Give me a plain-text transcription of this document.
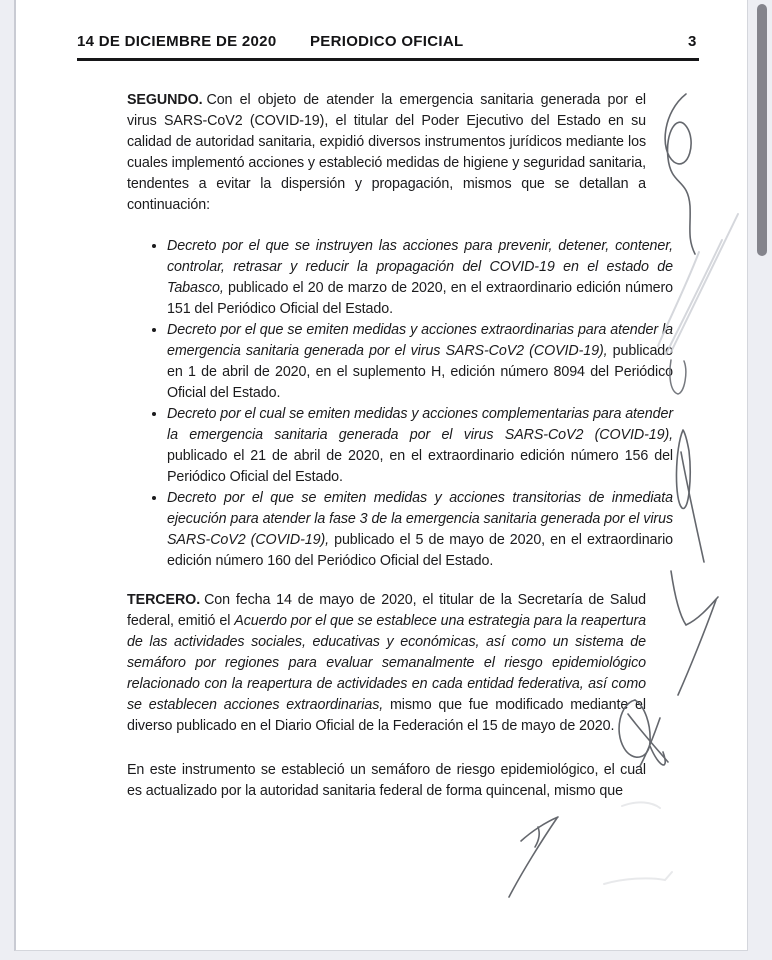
14 DE DICIEMBRE DE 2020 PERIODICO OFICIAL	3

SEGUNDO. Con el objeto de atender la emergencia sanitaria generada por el virus SARS-CoV2 (COVID-19), el titular del Poder Ejecutivo del Estado en su calidad de autoridad sanitaria, expidió diversos instrumentos jurídicos mediante los cuales implementó acciones y estableció medidas de higiene y seguridad sanitaria, tendentes a evitar la dispersión y propagación, mismos que se detallan a continuación:

• Decreto por el que se instruyen las acciones para prevenir, detener, contener, controlar, retrasar y reducir la propagación del COVID-19 en el estado de Tabasco, publicado el 20 de marzo de 2020, en el extraordinario edición número 151 del Periódico Oficial del Estado.
• Decreto por el que se emiten medidas y acciones extraordinarias para atender la emergencia sanitaria generada por el virus SARS-CoV2 (COVID-19), publicado en 1 de abril de 2020, en el suplemento H, edición número 8094 del Periódico Oficial del Estado.
• Decreto por el cual se emiten medidas y acciones complementarias para atender la emergencia sanitaria generada por el virus SARS-CoV2 (COVID-19), publicado el 21 de abril de 2020, en el extraordinario edición número 156 del Periódico Oficial del Estado.
• Decreto por el que se emiten medidas y acciones transitorias de inmediata ejecución para atender la fase 3 de la emergencia sanitaria generada por el virus SARS-CoV2 (COVID-19), publicado el 5 de mayo de 2020, en el extraordinario edición número 160 del Periódico Oficial del Estado.

TERCERO. Con fecha 14 de mayo de 2020, el titular de la Secretaría de Salud federal, emitió el Acuerdo por el que se establece una estrategia para la reapertura de las actividades sociales, educativas y económicas, así como un sistema de semáforo por regiones para evaluar semanalmente el riesgo epidemiológico relacionado con la reapertura de actividades en cada entidad federativa, así como se establecen acciones extraordinarias, mismo que fue modificado mediante el diverso publicado en el Diario Oficial de la Federación el 15 de mayo de 2020.

En este instrumento se estableció un semáforo de riesgo epidemiológico, el cual es actualizado por la autoridad sanitaria federal de forma quincenal, mismo que
